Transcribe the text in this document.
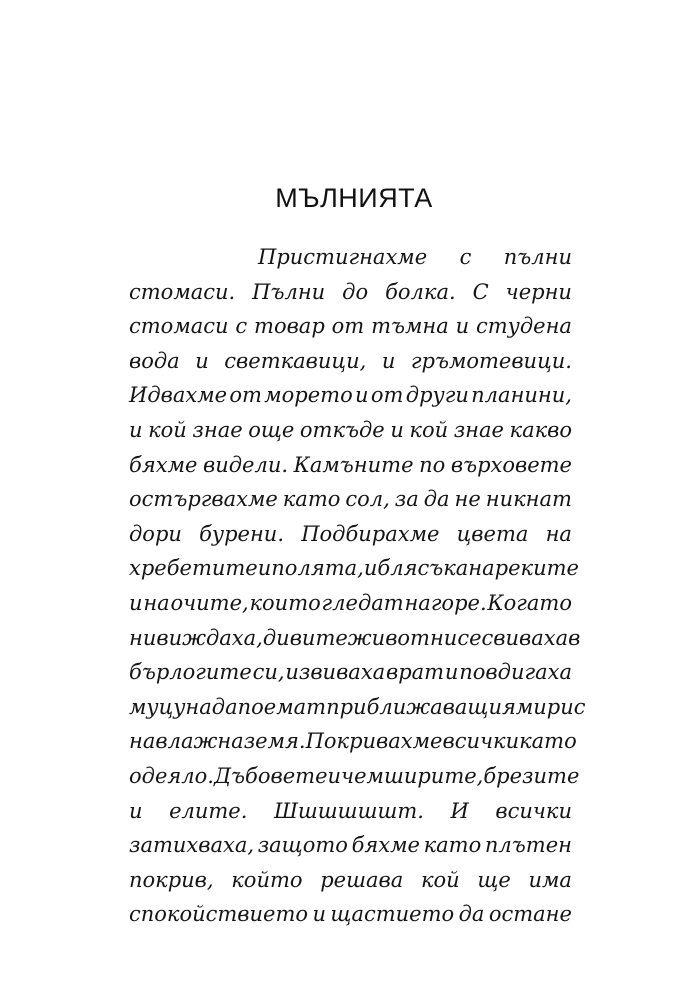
МЪЛНИЯТА
Пристигнахме с пълни
стомаси. Пълни до болка. С черни
стомаси с товар от тъмна и студена
вода и светкавици, и гръмотевици.
Идвахме от морето и от други планини,
и кой знае още откъде и кой знае какво
бяхме видели. Камъните по върховете
остъргвахме като сол, за да не никнат
дори бурени. Подбирахме цвета на
хребетите и полята, и блясъка на реките
и на очите, които гледат нагоре. Когато
ни виждаха, дивите животни се свиваха в
бърлогите си, извиваха врат и повдигаха
муцуна да поемат приближаващия мирис
на влажна земя. Покривахме всички като
одеяло. Дъбовете и чемширите, брезите
и елите. Шшшшшшт. И всички
затихваха, защото бяхме като плътен
покрив, който решава кой ще има
спокойствието и щастието да остане
